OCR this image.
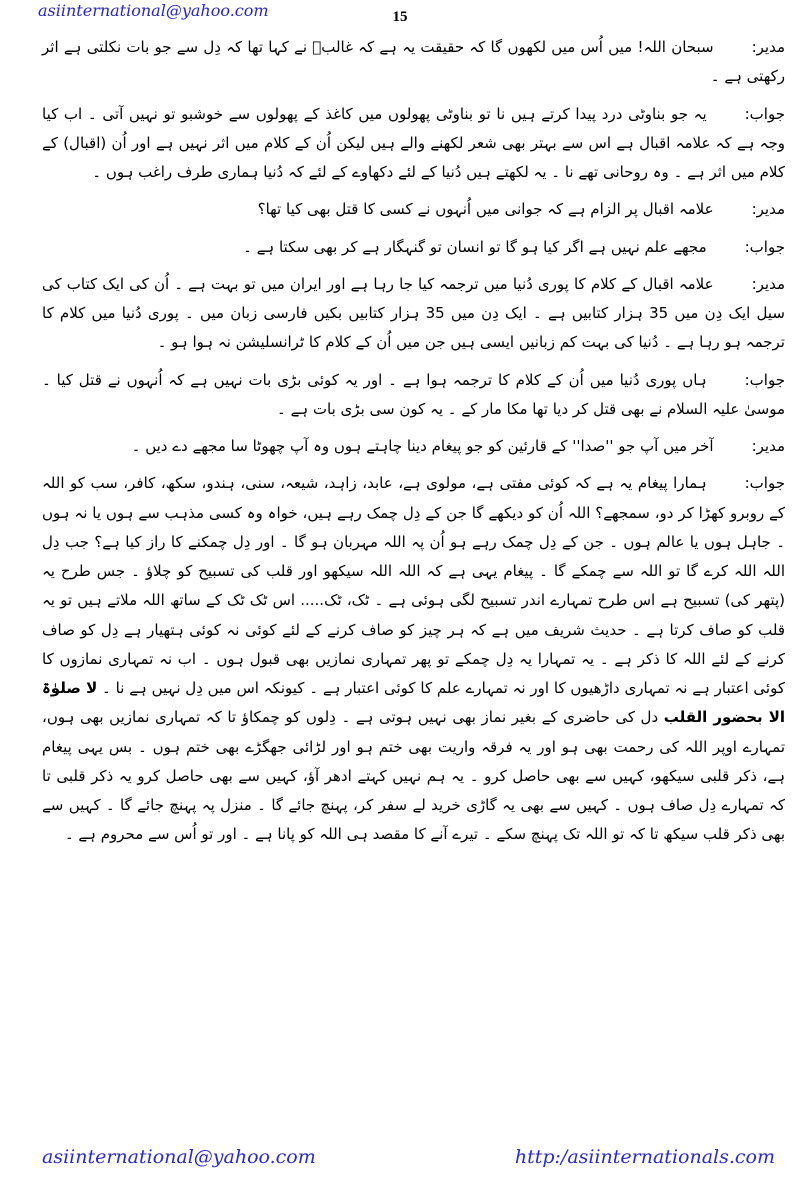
asiinternational@yahoo.com	15

مدیر:سبحان اللہ! میں اُس میں لکھوں گا کہ حقیقت یہ ہے کہ غالبؔ نے کہا تھا کہ دِل سے جو بات نکلتی ہے اثر رکھتی ہے ۔

جواب:یہ جو بناوٹی درد پیدا کرتے ہیں نا تو بناوٹی پھولوں میں کاغذ کے پھولوں سے خوشبو تو نہیں آتی ۔ اب کیا وجہ ہے کہ علامہ اقبال ہے اس سے بہتر بھی شعر لکھنے والے ہیں لیکن اُن کے کلام میں اثر نہیں ہے اور اُن (اقبال) کے کلام میں اثر ہے ۔ وہ روحانی تھے نا ۔ یہ لکھتے ہیں دُنیا کے لئے دکھاوے کے لئے کہ دُنیا ہماری طرف راغب ہوں ۔

مدیر:علامہ اقبال پر الزام ہے کہ جوانی میں اُنہوں نے کسی کا قتل بھی کیا تھا؟

جواب:مجھے علم نہیں ہے اگر کیا ہو گا تو انسان تو گنہگار ہے کر بھی سکتا ہے ۔

مدیر:علامہ اقبال کے کلام کا پوری دُنیا میں ترجمہ کیا جا رہا ہے اور ایران میں تو بہت ہے ۔ اُن کی ایک کتاب کی سیل ایک دِن میں 35 ہزار کتابیں ہے ۔ ایک دِن میں 35 ہزار کتابیں بکیں فارسی زبان میں ۔ پوری دُنیا میں کلام کا ترجمہ ہو رہا ہے ۔ دُنیا کی بہت کم زبانیں ایسی ہیں جن میں اُن کے کلام کا ٹرانسلیشن نہ ہوا ہو ۔

جواب:ہاں پوری دُنیا میں اُن کے کلام کا ترجمہ ہوا ہے ۔ اور یہ کوئی بڑی بات نہیں ہے کہ اُنہوں نے قتل کیا ۔ موسیٰ علیہ السلام نے بھی قتل کر دیا تھا مکا مار کے ۔ یہ کون سی بڑی بات ہے ۔

مدیر:آخر میں آپ جو ''صدا'' کے قارئین کو جو پیغام دینا چاہتے ہوں وہ آپ چھوٹا سا مجھے دے دیں ۔

جواب:ہمارا پیغام یہ ہے کہ کوئی مفتی ہے، مولوی ہے، عابد، زاہد، شیعہ، سنی، ہندو، سکھ، کافر، سب کو اللہ کے روبرو کھڑا کر دو، سمجھے؟ اللہ اُن کو دیکھے گا جن کے دِل چمک رہے ہیں، خواہ وہ کسی مذہب سے ہوں یا نہ ہوں ۔ جاہل ہوں یا عالم ہوں ۔ جن کے دِل چمک رہے ہو اُن پہ اللہ مہربان ہو گا ۔ اور دِل چمکنے کا راز کیا ہے؟ جب دِل اللہ اللہ کرے گا تو اللہ سے چمکے گا ۔ پیغام یہی ہے کہ اللہ اللہ سیکھو اور قلب کی تسبیح کو چلاؤ ۔ جس طرح یہ (پتھر کی) تسبیح ہے اس طرح تمہارے اندر تسبیح لگی ہوئی ہے ۔ ٹک، ٹک..... اس ٹک ٹک کے ساتھ اللہ ملاتے ہیں تو یہ قلب کو صاف کرتا ہے ۔ حدیث شریف میں ہے کہ ہر چیز کو صاف کرنے کے لئے کوئی نہ کوئی ہتھیار ہے دِل کو صاف کرنے کے لئے اللہ کا ذکر ہے ۔ یہ تمہارا یہ دِل چمکے تو پھر تمہاری نمازیں بھی قبول ہوں ۔ اب نہ تمہاری نمازوں کا کوئی اعتبار ہے نہ تمہاری داڑھیوں کا اور نہ تمہارے علم کا کوئی اعتبار ہے ۔ کیونکہ اس میں دِل نہیں ہے نا ۔ لا صلوٰۃ الا بحضور القلب دل کی حاضری کے بغیر نماز بھی نہیں ہوتی ہے ۔ دِلوں کو چمکاؤ تا کہ تمہاری نمازیں بھی ہوں، تمہارے اوپر اللہ کی رحمت بھی ہو اور یہ فرقہ واریت بھی ختم ہو اور لڑائی جھگڑے بھی ختم ہوں ۔ بس یہی پیغام ہے، ذکر قلبی سیکھو، کہیں سے بھی حاصل کرو ۔ یہ ہم نہیں کہتے ادھر آؤ، کہیں سے بھی حاصل کرو یہ ذکر قلبی تا کہ تمہارے دِل صاف ہوں ۔ کہیں سے بھی یہ گاڑی خرید لے سفر کر، پہنچ جائے گا ۔ منزل پہ پہنچ جائے گا ۔ کہیں سے بھی ذکر قلب سیکھ تا کہ تو اللہ تک پہنچ سکے ۔ تیرے آنے کا مقصد ہی اللہ کو پانا ہے ۔ اور تو اُس سے محروم ہے ۔

asiinternational@yahoo.com	http:/asiinternationals.com
